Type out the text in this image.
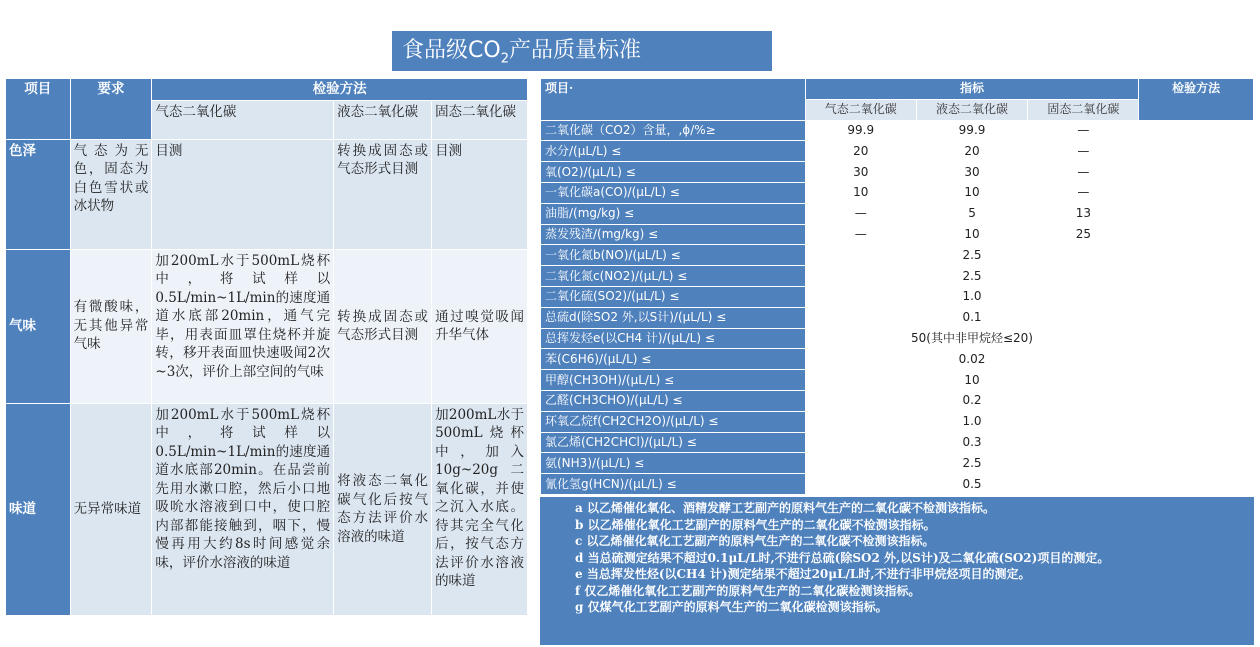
食品级$CO_2$产品质量标准
项目	要求	检验方法		
		气态二氧化碳	液态二氧化碳	固态二氧化碳
色泽	气态为无色，固态为白色雪状或冰状物	目测	转换成固态或气态形式目测	目测
气味	有微酸味，无其他异常气味	加200mL水于500mL烧杯中，将试样以0.5L/min~1L/min的速度通道水底部20min，通气完毕，用表面皿罩住烧杯并旋转，移开表面皿快速吸闻2次~3次，评价上部空间的气味	转换成固态或气态形式目测	通过嗅觉吸闻升华气体
味道	无异常味道	加200mL水于500mL烧杯中，将试样以0.5L/min~1L/min的速度通道水底部20min。在品尝前先用水漱口腔，然后小口地吸吮水溶液到口中，使口腔内部都能接触到，咽下，慢慢再用大约8s时间感觉余味，评价水溶液的味道	将液态二氧化碳气化后按气态方法评价水溶液的味道	加200mL水于500mL烧杯中，加入10g~20g二氧化碳，并使之沉入水底。待其完全气化后，按气态方法评价水溶液的味道
项目·	指标			检验方法
	气态二氧化碳	液态二氧化碳	固态二氧化碳	
二氧化碳（CO2）含量，,ϕ/%≥	99.9	99.9	—	
水分/(μL/L) ≤	20	20	—	
氧(O2)/(μL/L) ≤	30	30	—	
一氧化碳a(CO)/(μL/L) ≤	10	10	—	
油脂/(mg/kg) ≤	—	5	13	
蒸发残渣/(mg/kg) ≤	—	10	25	
一氧化氮b(NO)/(μL/L) ≤	2.5			
二氧化氮c(NO2)/(μL/L) ≤	2.5			
二氧化硫(SO2)/(μL/L) ≤	1.0			
总硫d(除SO2 外,以S计)/(μL/L) ≤	0.1			
总挥发烃e(以CH4 计)/(μL/L) ≤	50(其中非甲烷烃≤20)			
苯(C6H6)/(μL/L) ≤	0.02			
甲醇(CH3OH)/(μL/L) ≤	10			
乙醛(CH3CHO)/(μL/L) ≤	0.2			
环氧乙烷f(CH2CH2O)/(μL/L) ≤	1.0			
氯乙烯(CH2CHCl)/(μL/L) ≤	0.3			
氨(NH3)/(μL/L) ≤	2.5			
氰化氢g(HCN)/(μL/L) ≤	0.5			
a 以乙烯催化氧化、酒精发酵工艺副产的原料气生产的二氧化碳不检测该指标。
b 以乙烯催化氧化工艺副产的原料气生产的二氧化碳不检测该指标。
c 以乙烯催化氧化工艺副产的原料气生产的二氧化碳不检测该指标。
d 当总硫测定结果不超过0.1μL/L时,不进行总硫(除SO2 外,以S计)及二氧化硫(SO2)项目的测定。
e 当总挥发性烃(以CH4 计)测定结果不超过20μL/L时,不进行非甲烷烃项目的测定。
f 仅乙烯催化氧化工艺副产的原料气生产的二氧化碳检测该指标。
g 仅煤气化工艺副产的原料气生产的二氧化碳检测该指标。
